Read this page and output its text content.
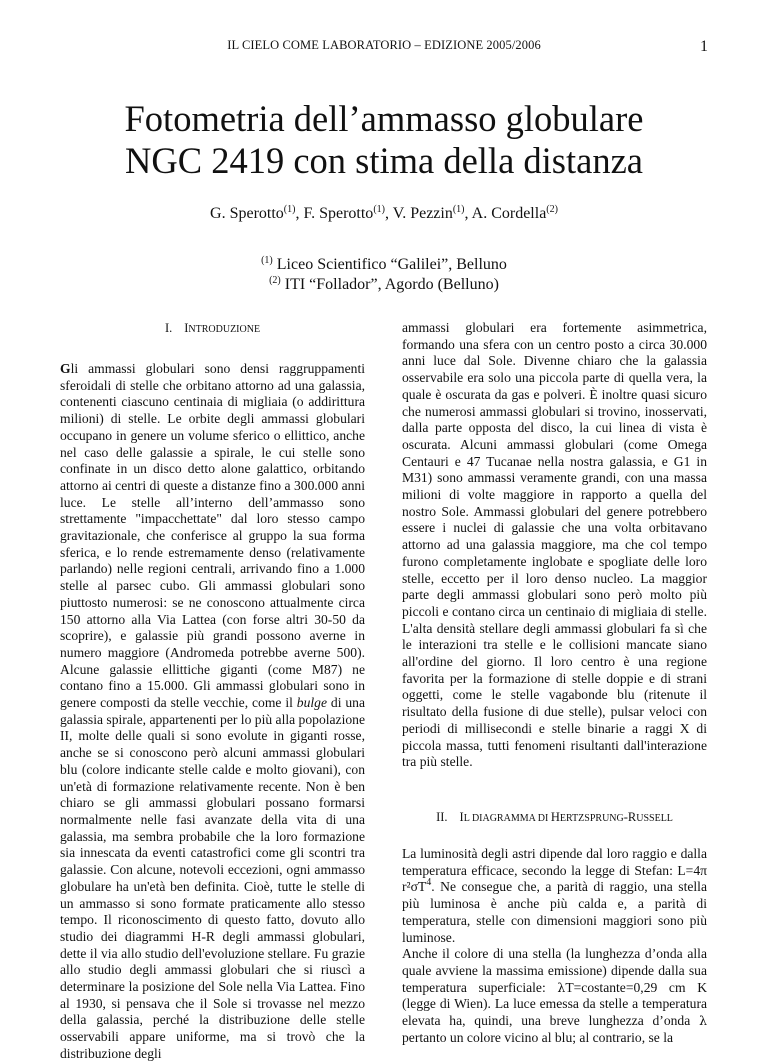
IL CIELO COME LABORATORIO – EDIZIONE 2005/2006	1
Fotometria dell’ammasso globulare
NGC 2419 con stima della distanza
G. Sperotto$^{(1)}$, F. Sperotto$^{(1)}$, V. Pezzin$^{(1)}$, A. Cordella$^{(2)}$
$^{(1)}$ Liceo Scientifico “Galilei”, Belluno
$^{(2)}$ ITI “Follador”, Agordo (Belluno)
I. INTRODUZIONE

Gli ammassi globulari sono densi raggruppamenti sferoidali di stelle che orbitano attorno ad una galassia, contenenti ciascuno centinaia di migliaia (o addirittura milioni) di stelle. Le orbite degli ammassi globulari occupano in genere un volume sferico o ellittico, anche nel caso delle galassie a spirale, le cui stelle sono confinate in un disco detto alone galattico, orbitando attorno ai centri di queste a distanze fino a 300.000 anni luce. Le stelle all’interno dell’ammasso sono strettamente "impacchettate" dal loro stesso campo gravitazionale, che conferisce al gruppo la sua forma sferica, e lo rende estremamente denso (relativamente parlando) nelle regioni centrali, arrivando fino a 1.000 stelle al parsec cubo. Gli ammassi globulari sono piuttosto numerosi: se ne conoscono attualmente circa 150 attorno alla Via Lattea (con forse altri 30-50 da scoprire), e galassie più grandi possono averne in numero maggiore (Andromeda potrebbe averne 500). Alcune galassie ellittiche giganti (come M87) ne contano fino a 15.000. Gli ammassi globulari sono in genere composti da stelle vecchie, come il bulge di una galassia spirale, appartenenti per lo più alla popolazione II, molte delle quali si sono evolute in giganti rosse, anche se si conoscono però alcuni ammassi globulari blu (colore indicante stelle calde e molto giovani), con un'età di formazione relativamente recente. Non è ben chiaro se gli ammassi globulari possano formarsi normalmente nelle fasi avanzate della vita di una galassia, ma sembra probabile che la loro formazione sia innescata da eventi catastrofici come gli scontri tra galassie. Con alcune, notevoli eccezioni, ogni ammasso globulare ha un'età ben definita. Cioè, tutte le stelle di un ammasso si sono formate praticamente allo stesso tempo. Il riconoscimento di questo fatto, dovuto allo studio dei diagrammi H-R degli ammassi globulari, dette il via allo studio dell'evoluzione stellare. Fu grazie allo studio degli ammassi globulari che si riuscì a determinare la posizione del Sole nella Via Lattea. Fino al 1930, si pensava che il Sole si trovasse nel mezzo della galassia, perché la distribuzione delle stelle osservabili appare uniforme, ma si trovò che la distribuzione degli

ammassi globulari era fortemente asimmetrica, formando una sfera con un centro posto a circa 30.000 anni luce dal Sole. Divenne chiaro che la galassia osservabile era solo una piccola parte di quella vera, la quale è oscurata da gas e polveri. È inoltre quasi sicuro che numerosi ammassi globulari si trovino, inosservati, dalla parte opposta del disco, la cui linea di vista è oscurata. Alcuni ammassi globulari (come Omega Centauri e 47 Tucanae nella nostra galassia, e G1 in M31) sono ammassi veramente grandi, con una massa milioni di volte maggiore in rapporto a quella del nostro Sole. Ammassi globulari del genere potrebbero essere i nuclei di galassie che una volta orbitavano attorno ad una galassia maggiore, ma che col tempo furono completamente inglobate e spogliate delle loro stelle, eccetto per il loro denso nucleo. La maggior parte degli ammassi globulari sono però molto più piccoli e contano circa un centinaio di migliaia di stelle. L'alta densità stellare degli ammassi globulari fa sì che le interazioni tra stelle e le collisioni mancate siano all'ordine del giorno. Il loro centro è una regione favorita per la formazione di stelle doppie e di strani oggetti, come le stelle vagabonde blu (ritenute il risultato della fusione di due stelle), pulsar veloci con periodi di millisecondi e stelle binarie a raggi X di piccola massa, tutti fenomeni risultanti dall'interazione tra più stelle.

II. IL DIAGRAMMA DI HERTZSPRUNG-RUSSELL

La luminosità degli astri dipende dal loro raggio e dalla temperatura efficace, secondo la legge di Stefan: L=4π $r^2\sigma T^4$. Ne consegue che, a parità di raggio, una stella più luminosa è anche più calda e, a parità di temperatura, stelle con dimensioni maggiori sono più luminose.

Anche il colore di una stella (la lunghezza d’onda alla quale avviene la massima emissione) dipende dalla sua temperatura superficiale: λT=costante=0,29 cm K (legge di Wien). La luce emessa da stelle a temperatura elevata ha, quindi, una breve lunghezza d’onda λ pertanto un colore vicino al blu; al contrario, se la
